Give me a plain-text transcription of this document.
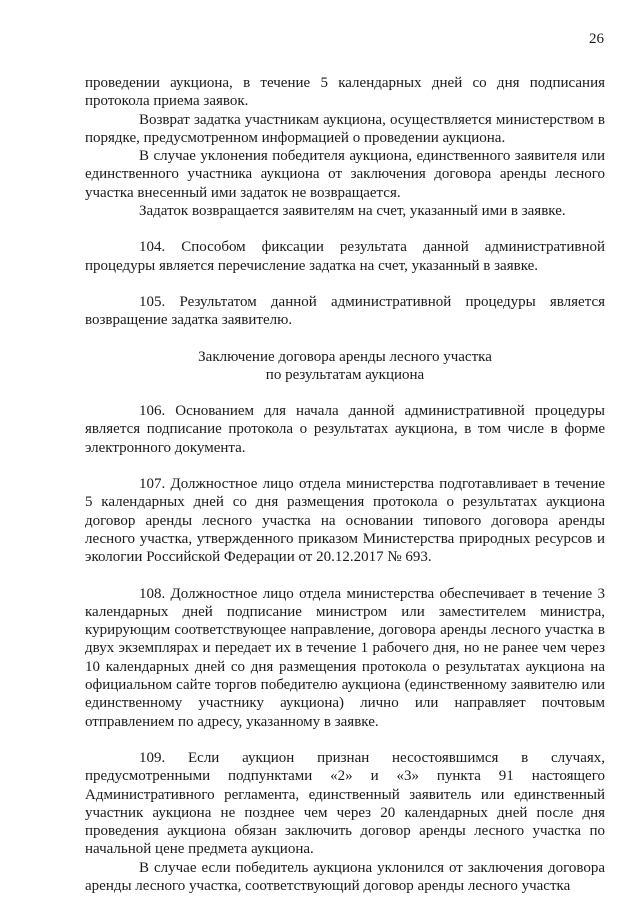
26

проведении аукциона, в течение 5 календарных дней со дня подписания протокола приема заявок.

Возврат задатка участникам аукциона, осуществляется министерством в порядке, предусмотренном информацией о проведении аукциона.

В случае уклонения победителя аукциона, единственного заявителя или единственного участника аукциона от заключения договора аренды лесного участка внесенный ими задаток не возвращается.

Задаток возвращается заявителям на счет, указанный ими в заявке.

104. Способом фиксации результата данной административной процедуры является перечисление задатка на счет, указанный в заявке.

105. Результатом данной административной процедуры является возвращение задатка заявителю.

Заключение договора аренды лесного участка
по результатам аукциона

106. Основанием для начала данной административной процедуры является подписание протокола о результатах аукциона, в том числе в форме электронного документа.

107. Должностное лицо отдела министерства подготавливает в течение 5 календарных дней со дня размещения протокола о результатах аукциона договор аренды лесного участка на основании типового договора аренды лесного участка, утвержденного приказом Министерства природных ресурсов и экологии Российской Федерации от 20.12.2017 № 693.

108. Должностное лицо отдела министерства обеспечивает в течение 3 календарных дней подписание министром или заместителем министра, курирующим соответствующее направление, договора аренды лесного участка в двух экземплярах и передает их в течение 1 рабочего дня, но не ранее чем через 10 календарных дней со дня размещения протокола о результатах аукциона на официальном сайте торгов победителю аукциона (единственному заявителю или единственному участнику аукциона) лично или направляет почтовым отправлением по адресу, указанному в заявке.

109. Если аукцион признан несостоявшимся в случаях, предусмотренными подпунктами «2» и «3» пункта 91 настоящего Административного регламента, единственный заявитель или единственный участник аукциона не позднее чем через 20 календарных дней после дня проведения аукциона обязан заключить договор аренды лесного участка по начальной цене предмета аукциона.

В случае если победитель аукциона уклонился от заключения договора аренды лесного участка, соответствующий договор аренды лесного участка
